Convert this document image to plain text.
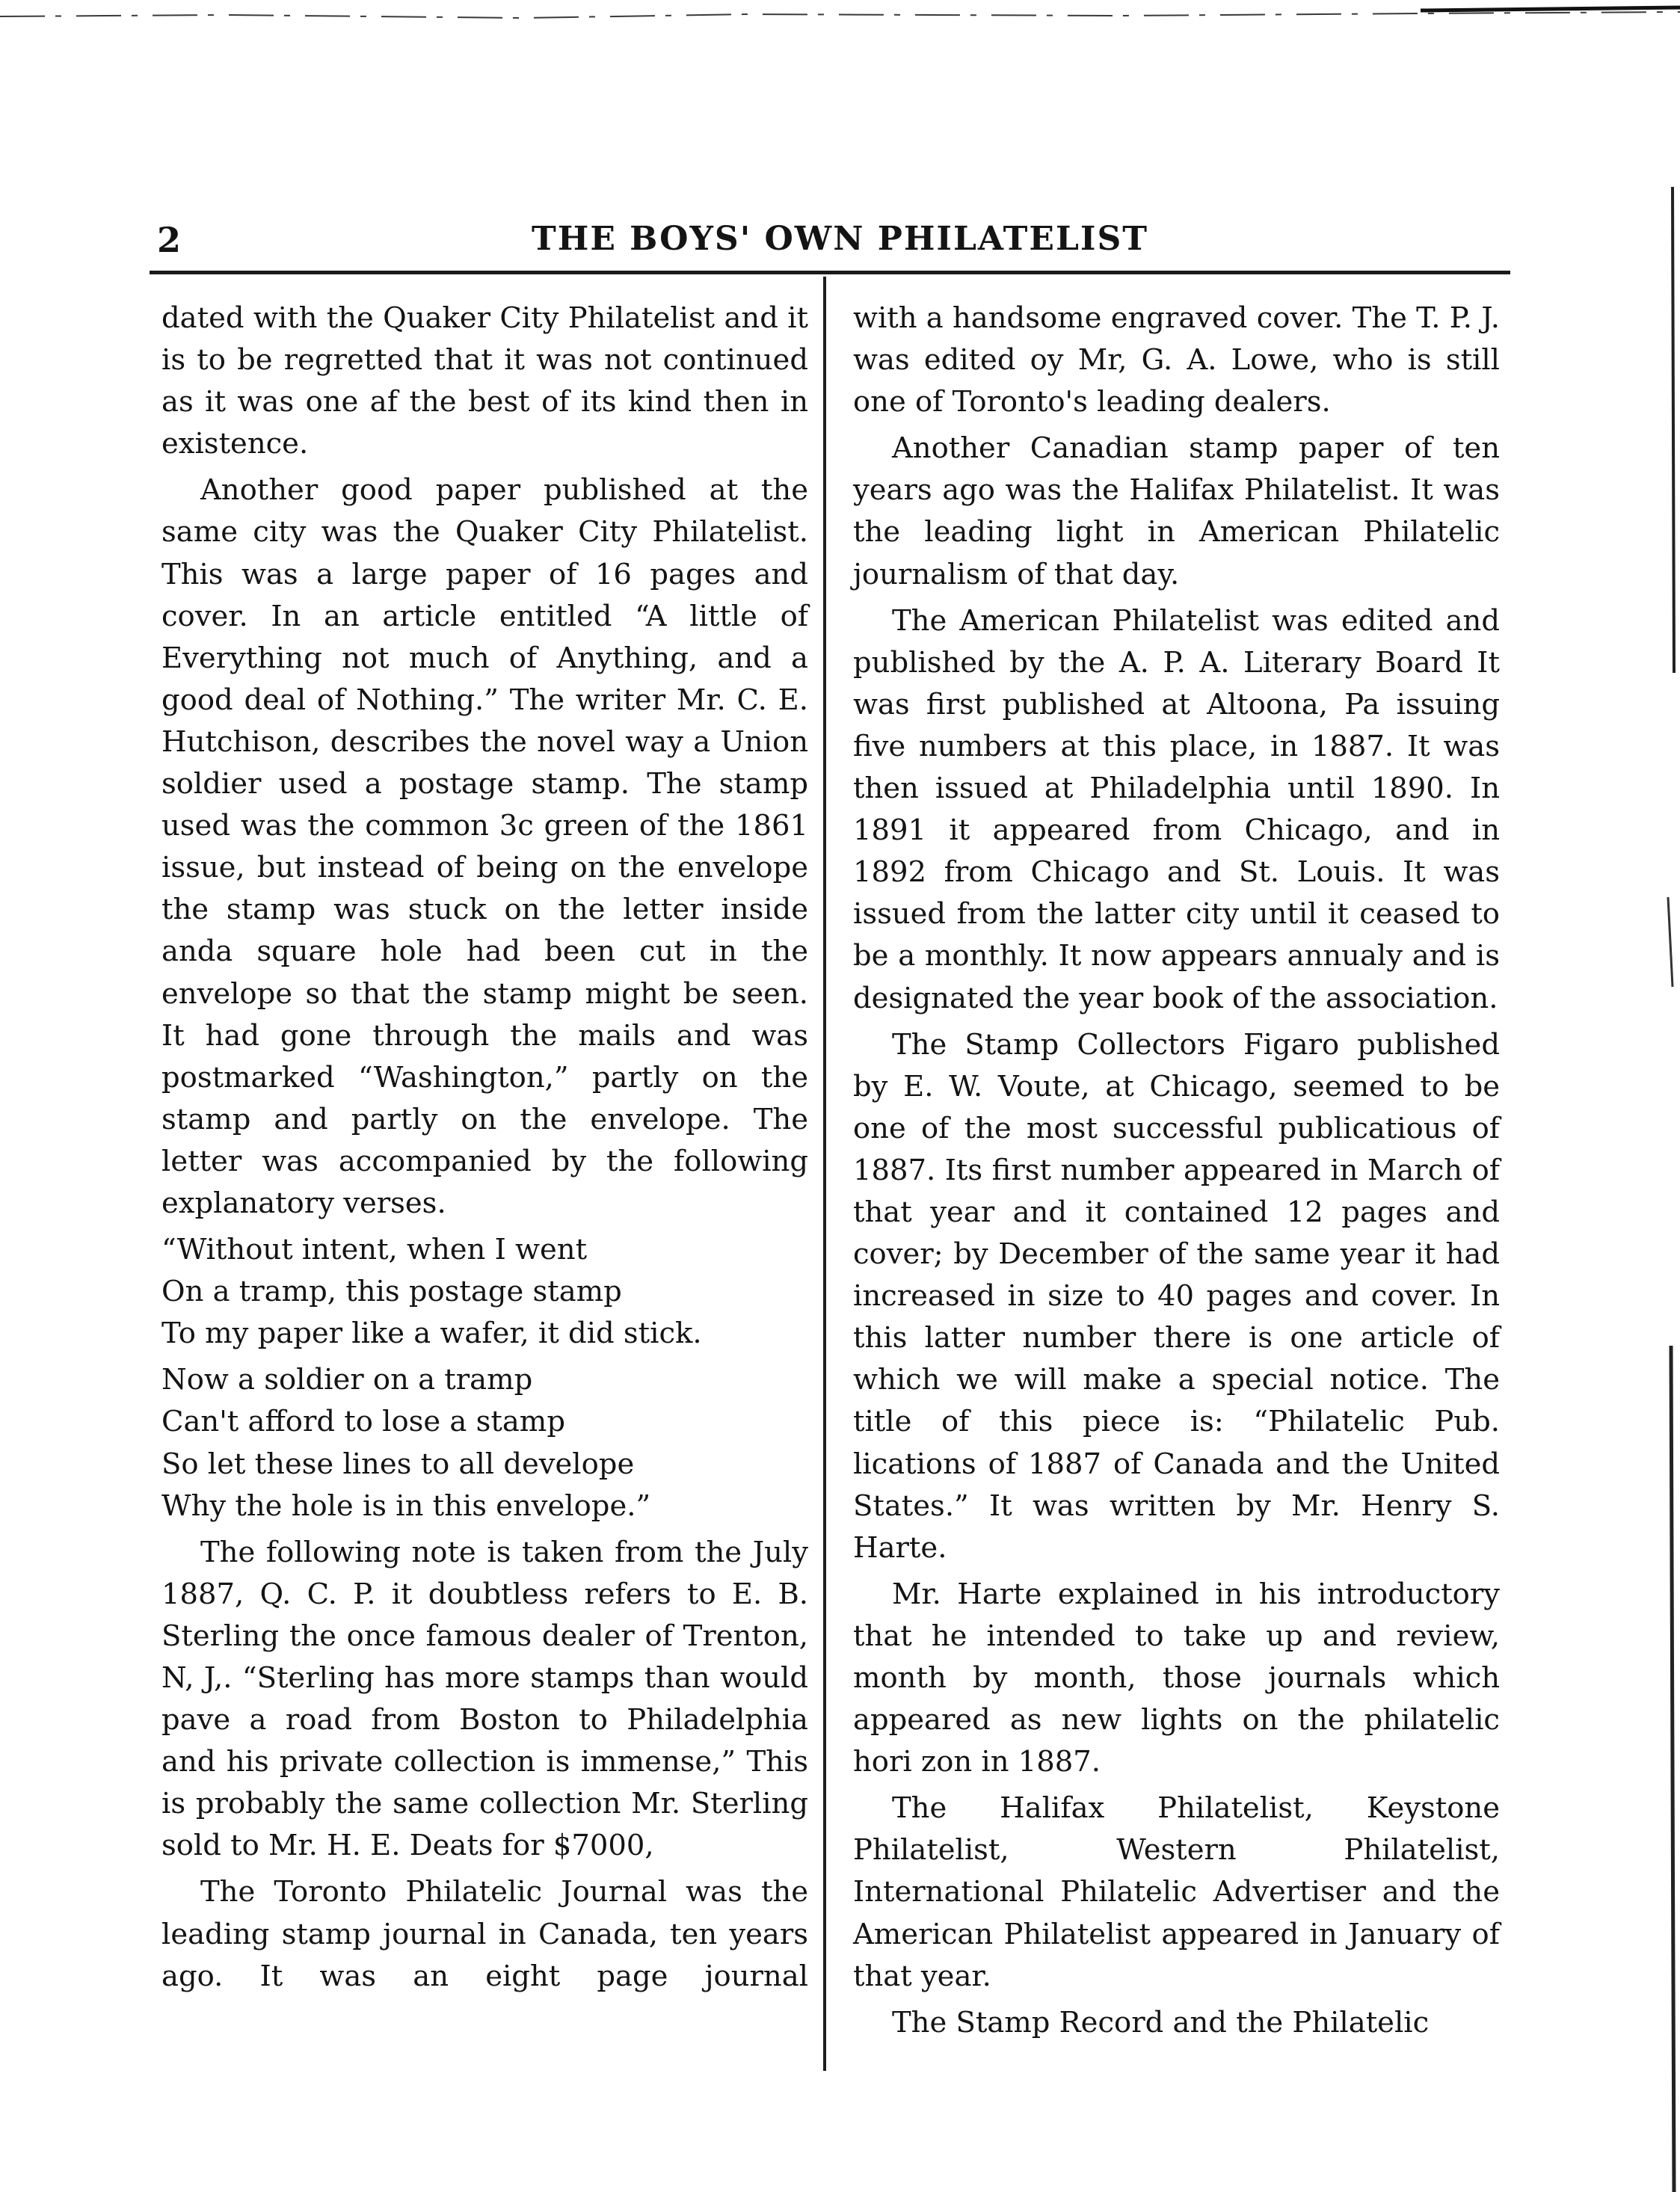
2	THE BOYS' OWN PHILATELIST

dated with the Quaker City Philatelist and it is to be regretted that it was not continued as it was one af the best of its kind then in existence.

Another good paper published at the same city was the Quaker City Philatelist. This was a large paper of 16 pages and cover. In an article entitled “A little of Everything not much of Anything, and a good deal of Nothing.” The writer Mr. C. E. Hutchison, describes the novel way a Union soldier used a postage stamp. The stamp used was the common 3c green of the 1861 issue, but instead of being on the envelope the stamp was stuck on the letter inside anda square hole had been cut in the envelope so that the stamp might be seen. It had gone through the mails and was postmarked “Washington,” partly on the stamp and partly on the envelope. The letter was accompanied by the following explanatory verses.

“Without intent, when I went
On a tramp, this postage stamp
To my paper like a wafer, it did stick.
Now a soldier on a tramp
Can't afford to lose a stamp
So let these lines to all develope
Why the hole is in this envelope.”

The following note is taken from the July 1887, Q. C. P. it doubtless refers to E. B. Sterling the once famous dealer of Trenton, N, J,. “Sterling has more stamps than would pave a road from Boston to Philadelphia and his private collection is immense,” This is probably the same collection Mr. Sterling sold to Mr. H. E. Deats for $7000,

The Toronto Philatelic Journal was the leading stamp journal in Canada, ten years ago. It was an eight page journal

with a handsome engraved cover. The T. P. J. was edited oy Mr, G. A. Lowe, who is still one of Toronto's leading dealers.

Another Canadian stamp paper of ten years ago was the Halifax Philatelist. It was the leading light in American Philatelic journalism of that day.

The American Philatelist was edited and published by the A. P. A. Literary Board It was first published at Altoona, Pa issuing five numbers at this place, in 1887. It was then issued at Philadelphia until 1890. In 1891 it appeared from Chicago, and in 1892 from Chicago and St. Louis. It was issued from the latter city until it ceased to be a monthly. It now appears annualy and is designated the year book of the association.

The Stamp Collectors Figaro published by E. W. Voute, at Chicago, seemed to be one of the most successful publicatious of 1887. Its first number appeared in March of that year and it contained 12 pages and cover; by December of the same year it had increased in size to 40 pages and cover. In this latter number there is one article of which we will make a special notice. The title of this piece is: “Philatelic Pub. lications of 1887 of Canada and the United States.” It was written by Mr. Henry S. Harte.

Mr. Harte explained in his introductory that he intended to take up and review, month by month, those journals which appeared as new lights on the philatelic hori zon in 1887.

The Halifax Philatelist, Keystone Philatelist, Western Philatelist, International Philatelic Advertiser and the American Philatelist appeared in January of that year.

The Stamp Record and the Philatelic
